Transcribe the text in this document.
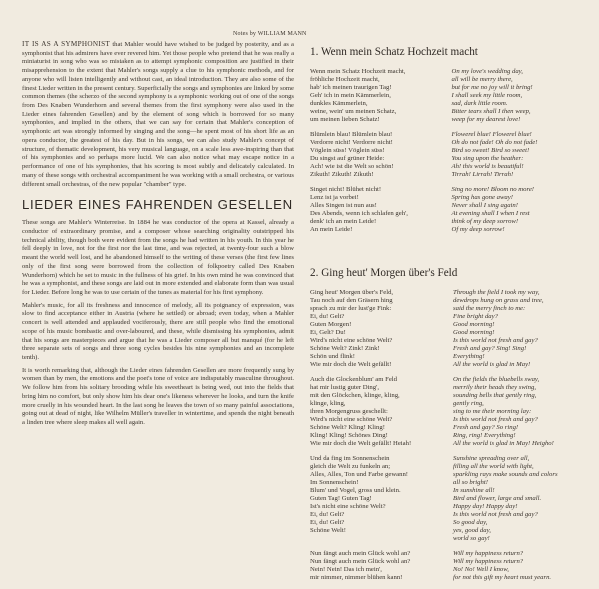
Notes by WILLIAM MANN

IT IS AS A SYMPHONIST that Mahler would have wished to be judged by posterity, and as a symphonist that his admirers have ever revered him. Yet those people who pretend that he was really a miniaturist in song who was so mistaken as to attempt symphonic composition are justified in their misapprehension to the extent that Mahler's songs supply a clue to his symphonic methods, and for anyone who will listen intelligently and without cast, an ideal introduction. They are also some of the finest Lieder written in the present century. Superficially the songs and symphonies are linked by some common themes (the scherzo of the second symphony is a symphonic working out of one of the songs from Des Knaben Wunderhorn and several themes from the first symphony were also used in the Lieder eines fahrenden Gesellen) and by the element of song which is borrowed for so many symphonies, and implied in the others, that we can say for certain that Mahler's conception of symphonic art was strongly informed by singing and the song—he spent most of his short life as an opera conductor, the greatest of his day. But in his songs, we can also study Mahler's concept of structure, of thematic development, his very musical language, on a scale less awe-inspiring than that of his symphonies and so perhaps more lucid. We can also notice what may escape notice in a performance of one of his symphonies, that his scoring is most subtly and delicately calculated. In many of these songs with orchestral accompaniment he was working with a small orchestra, or various different small orchestras, of the new popular "chamber" type.

LIEDER EINES FAHRENDEN GESELLEN

These songs are Mahler's Winterreise. In 1884 he was conductor of the opera at Kassel, already a conductor of extraordinary promise, and a composer whose searching originality outstripped his technical ability, though both were evident from the songs he had written in his youth. In this year he fell deeply in love, not for the first nor the last time, and was rejected, at twenty-four such a blow meant the world well lost, and he abandoned himself to the writing of these verses (the first few lines only of the first song were borrowed from the collection of folkpoetry called Des Knaben Wunderhorn) which he set to music in the fullness of his grief. In his own mind he was convinced that he was a symphonist, and these songs are laid out in more extended and elaborate form than was usual for Lieder. Before long he was to use certain of the tunes as material for his first symphony.

Mahler's music, for all its freshness and innocence of melody, all its poignancy of expression, was slow to find acceptance either in Austria (where he settled) or abroad; even today, when a Mahler concert is well attended and applauded vociferously, there are still people who find the emotional scope of his music bombastic and over-laboured, and these, while dismissing his symphonies, admit that his songs are masterpieces and argue that he was a Lieder composer all but manqué (for he left three separate sets of songs and three song cycles besides his nine symphonies and an incomplete tenth).

It is worth remarking that, although the Lieder eines fahrenden Gesellen are more frequently sung by women than by men, the emotions and the poet's tone of voice are indisputably masculine throughout. We follow him from his solitary brooding while his sweetheart is being wed, out into the fields that bring him no comfort, but only show him his dear one's likeness wherever he looks, and turn the knife more cruelly in his wounded heart. In the last song he leaves the town of so many painful associations, going out at dead of night, like Wilhelm Müller's traveller in wintertime, and spends the night beneath a linden tree where sleep makes all well again.

1. Wenn mein Schatz Hochzeit macht
Wenn mein Schatz Hochzeit macht,
fröhliche Hochzeit macht,
hab' ich meinen traurigen Tag!
Geh' ich in mein Kämmerlein,
dunkles Kämmerlein,
weine, wein' um meinen Schatz,
um meinen lieben Schatz!
On my love's wedding day,
all will be merry there,
but for me no joy will it bring!
I shall seek my little room,
sad, dark little room.
Bitter tears shall I then weep,
weep for my dearest love!
Blümlein blau! Blümlein blau!
Verdorre nicht! Verdorre nicht!
Vöglein süss! Vöglein süss!
Du singst auf grüner Heide:
Ach! wie ist die Welt so schön!
Zikuth! Zikuth! Zikuth!
Flowerel blue! Flowerel blue!
Oh do not fade! Oh do not fade!
Bird so sweet! Bird so sweet!
You sing upon the heather:
Ah! this world is beautiful!
Tirrah! Lirrah! Tirrah!
Singet nicht! Blühet nicht!
Lenz ist ja vorbei!
Alles Singen ist nun aus!
Des Abends, wenn ich schlafen geh',
denk' ich an mein Leide!
An mein Leide!
Sing no more! Bloom no more!
Spring has gone away!
Never shall I sing again!
At evening shall I when I rest
think of my deep sorrow!
Of my deep sorrow!
2. Ging heut' Morgen über's Feld
Ging heut' Morgen über's Feld,
Tau noch auf den Gräsern hing
sprach zu mir der lust'ge Fink:
Ei, du! Gelt?
Guten Morgen!
Ei, Gelt? Du!
Wird's nicht eine schöne Welt?
Schöne Welt? Zink! Zink!
Schön und flink!
Wie mir doch die Welt gefällt!
Through the field I took my way,
dewdrops hung on grass and tree,
said the merry finch to me:
Fine bright day?
Good morning!
Good morning!
Is this world not fresh and gay?
Fresh and gay? Sing! Sing!
Everything!
All the world is glad in May!
Auch die Glockenblum' am Feld
hat mir lustig guter Ding',
mit den Glöckchen, klinge, kling,
klinge, kling,
ihren Morgengruss geschellt:
Wird's nicht eine schöne Welt?
Schöne Welt? Kling! Kling!
Kling! Kling! Schönes Ding!
Wie mir doch die Welt gefällt! Heiah!
On the fields the bluebells sway,
merrily their heads they swing,
sounding bells that gently ring,
gently ring,
sing to me their morning lay:
Is this world not fresh and gay?
Fresh and gay? So ring!
Ring, ring! Everything!
All the world is glad in May! Heigho!
Und da fing im Sonnenschein
gleich die Welt zu funkeln an;
Alles, Alles, Ton und Farbe gewann!
Im Sonnenschein!
Blum' und Vogel, gross und klein.
Guten Tag! Guten Tag!
Ist's nicht eine schöne Welt?
Ei, du! Gelt?
Ei, du! Gelt?
Schöne Welt!
Sunshine spreading over all,
filling all the world with light,
sparkling rays make sounds and colors
all so bright!
In sunshine all!
Bird and flower, large and small.
Happy day! Happy day!
Is this world not fresh and gay?
So good day,
yes, good day,
world so gay!
Nun fängt auch mein Glück wohl an?
Nun fängt auch mein Glück wohl an?
Nein! Nein! Das ich mein',
mir nimmer, nimmer blühen kann!
Will my happiness return?
Will my happiness return?
No! No! Well I know,
for not this gift my heart must yearn.
